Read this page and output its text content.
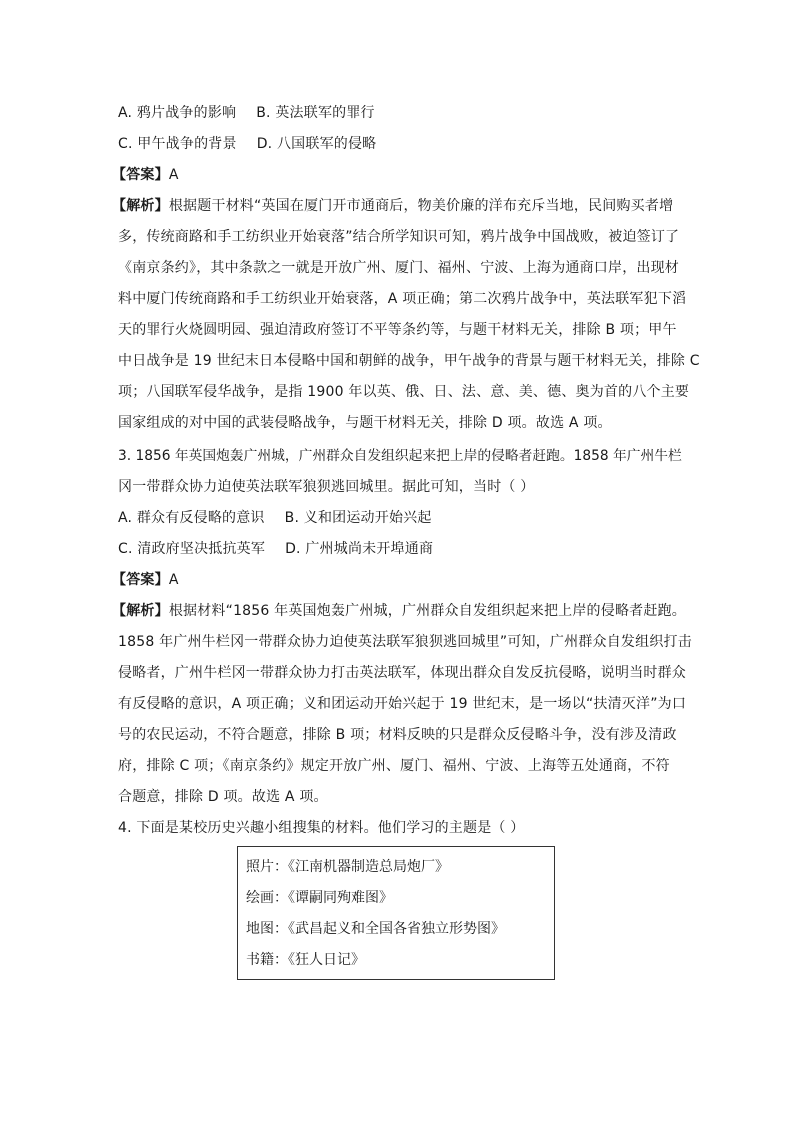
A. 鸦片战争的影响 B. 英法联军的罪行
C. 甲午战争的背景 D. 八国联军的侵略
【答案】A
【解析】根据题干材料“英国在厦门开市通商后，物美价廉的洋布充斥当地，民间购买者增
多，传统商路和手工纺织业开始衰落”结合所学知识可知，鸦片战争中国战败，被迫签订了
《南京条约》，其中条款之一就是开放广州、厦门、福州、宁波、上海为通商口岸，出现材
料中厦门传统商路和手工纺织业开始衰落，A 项正确；第二次鸦片战争中，英法联军犯下滔
天的罪行火烧圆明园、强迫清政府签订不平等条约等，与题干材料无关，排除 B 项；甲午
中日战争是 19 世纪末日本侵略中国和朝鲜的战争，甲午战争的背景与题干材料无关，排除 C
项；八国联军侵华战争，是指 1900 年以英、俄、日、法、意、美、德、奥为首的八个主要
国家组成的对中国的武装侵略战争，与题干材料无关，排除 D 项。故选 A 项。
3. 1856 年英国炮轰广州城，广州群众自发组织起来把上岸的侵略者赶跑。1858 年广州牛栏
冈一带群众协力迫使英法联军狼狈逃回城里。据此可知，当时（ ）
A. 群众有反侵略的意识 B. 义和团运动开始兴起
C. 清政府坚决抵抗英军 D. 广州城尚未开埠通商
【答案】A
【解析】根据材料“1856 年英国炮轰广州城，广州群众自发组织起来把上岸的侵略者赶跑。
1858 年广州牛栏冈一带群众协力迫使英法联军狼狈逃回城里”可知，广州群众自发组织打击
侵略者，广州牛栏冈一带群众协力打击英法联军，体现出群众自发反抗侵略，说明当时群众
有反侵略的意识，A 项正确；义和团运动开始兴起于 19 世纪末，是一场以“扶清灭洋”为口
号的农民运动，不符合题意，排除 B 项；材料反映的只是群众反侵略斗争，没有涉及清政
府，排除 C 项；《南京条约》规定开放广州、厦门、福州、宁波、上海等五处通商，不符
合题意，排除 D 项。故选 A 项。
4. 下面是某校历史兴趣小组搜集的材料。他们学习的主题是（ ）
照片：《江南机器制造总局炮厂》
绘画：《谭嗣同殉难图》
地图：《武昌起义和全国各省独立形势图》
书籍：《狂人日记》
